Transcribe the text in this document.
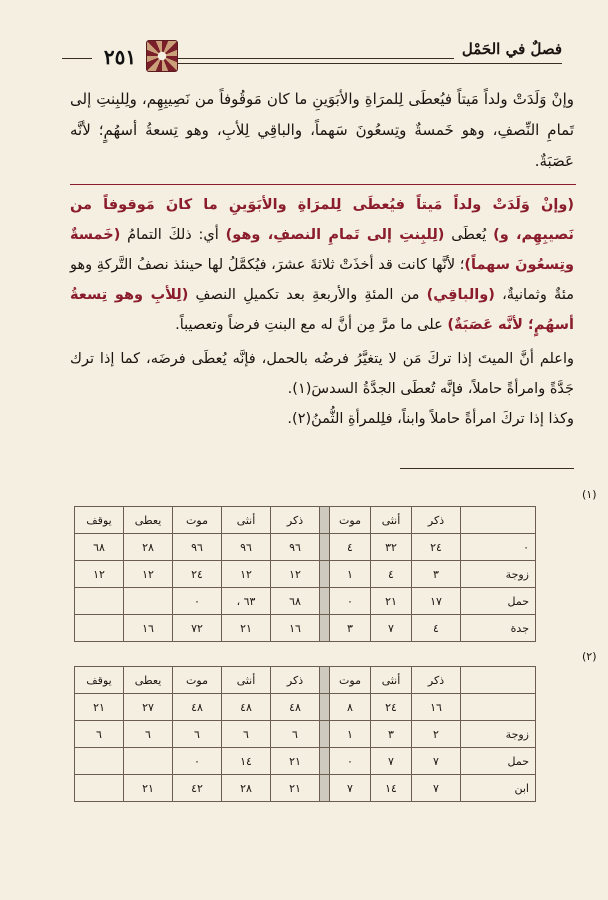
٢٥١	فصلٌ في الحَمْل
وإنْ وَلَدَتْ ولداً مَيتاً فيُعطَى لِلمرَاةِ والأبَوَينِ ما كان مَوقُوفاً من نَصِيبِهِم، ولِلبِنتِ إلى تَمامِ النِّصفِ، وهو خَمسةٌ وتِسعُونَ سَهماً، والباقِي لِلأبِ، وهو تِسعةُ أسهُمٍ؛ لأنَّه عَصَبَةٌ.
(وإنْ وَلَدَتْ ولداً مَيتاً فيُعطَى لِلمرَاةِ والأبَوَينِ ما كانَ مَوقوفاً من نَصيبِهِم، و) يُعطَى (لِلبِنتِ إلى تَمامِ النصفِ، وهو) أي: ذلكَ التمامُ (خَمسةٌ وتِسعُونَ سهماً)؛ لأنَّها كانت قد أخذَتْ ثلاثةَ عشرَ، فيُكمَّلُ لها حينئذ نصفُ التَّركةِ وهو مئةٌ وثمانيةٌ، (والباقِي) من المئةِ والأربعةِ بعد تكميلِ النصفِ (لِلأبِ وهو تِسعةُ أسهُمٍ؛ لأنَّه عَصَبَةٌ) على ما مرَّ مِن أنَّ له مع البنتِ فرضاً وتعصيباً.
واعلم أنَّ الميتَ إذا تركَ مَن لا يتغيَّرُ فرضُه بالحمل، فإنَّه يُعطَى فرضَه، كما إذا ترك جَدَّةً وامرأةً حاملاً، فإنَّه تُعطَى الجدَّةُ السدسَ(١).
وكذا إذا تركَ امرأةً حاملاً وابناً، فلِلمرأةِ الثُّمنُ(٢).
(١)
	ذكر	أنثى	موت		ذكر	أنثى	موت	يعطى	يوقف
٠	٢٤	٣٢	٤		٩٦	٩٦	٩٦	٢٨	٦٨
زوجة	٣	٤	١		١٢	١٢	٢٤	١٢	١٢
حمل	١٧	٢١	٠		٦٨	٦٣ ،	٠		
جدة	٤	٧	٣		١٦	٢١	٧٢	١٦	
(٢)
	ذكر	أنثى	موت		ذكر	أنثى	موت	يعطى	يوقف
	١٦	٢٤	٨		٤٨	٤٨	٤٨	٢٧	٢١
زوجة	٢	٣	١		٦	٦	٦	٦	٦
حمل	٧	٧	٠		٢١	١٤	٠		
ابن	٧	١٤	٧		٢١	٢٨	٤٢	٢١	
